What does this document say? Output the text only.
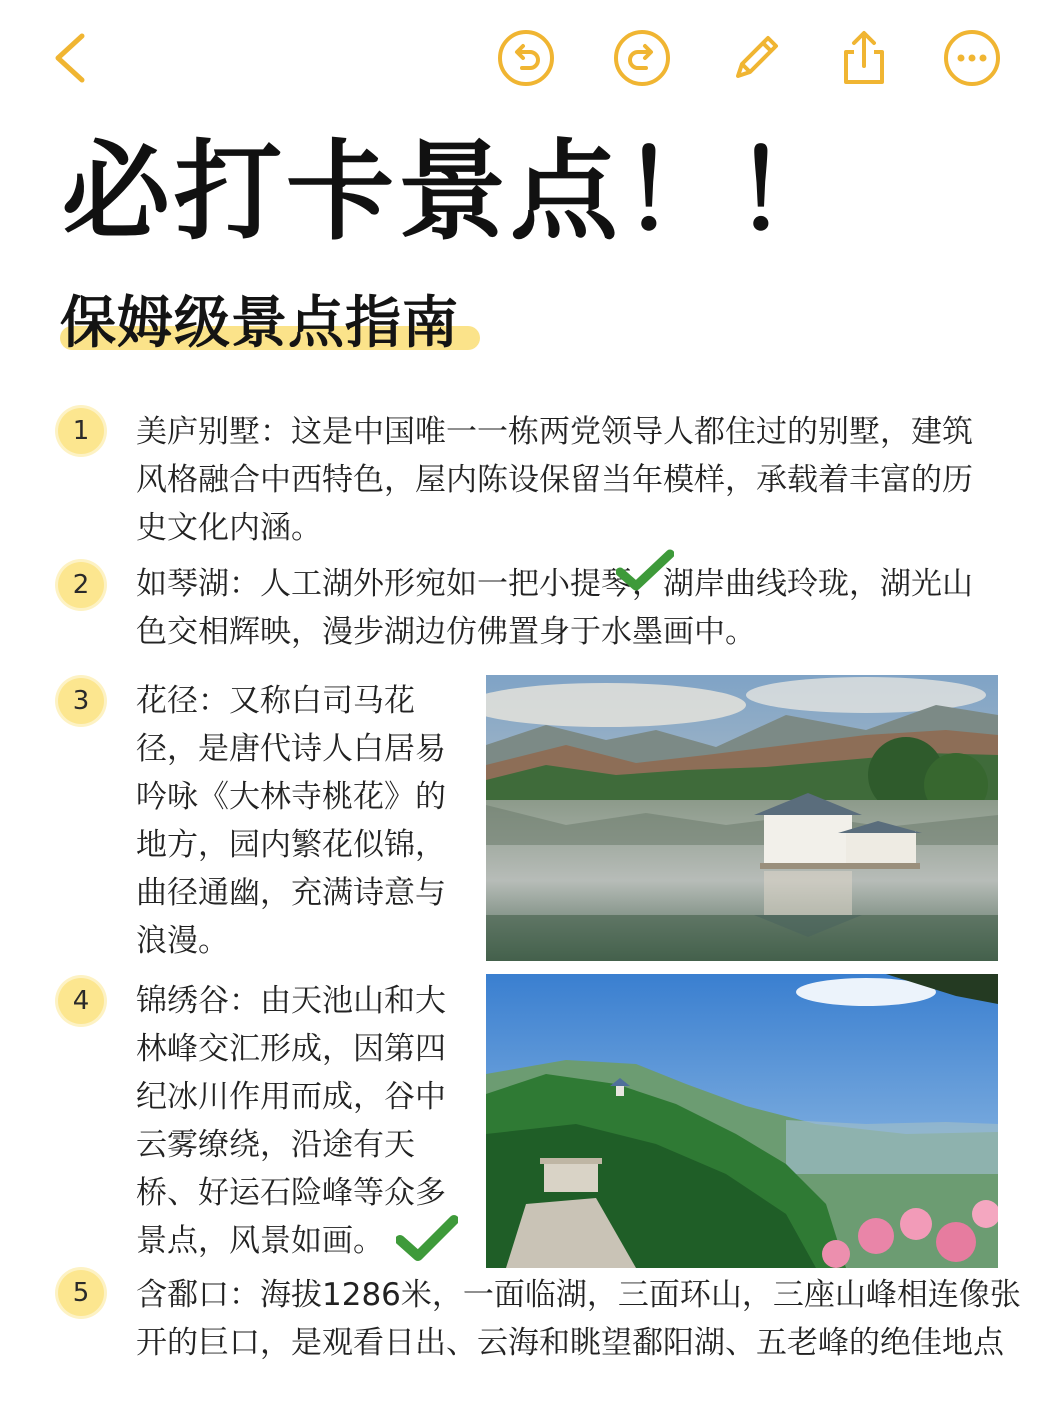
必打卡景点！！
保姆级景点指南
1	美庐别墅：这是中国唯一一栋两党领导人都住过的别墅，建筑
风格融合中西特色，屋内陈设保留当年模样，承载着丰富的历
史文化内涵。
2	如琴湖：人工湖外形宛如一把小提琴，湖岸曲线玲珑，湖光山
色交相辉映，漫步湖边仿佛置身于水墨画中。
3	花径：又称白司马花
径，是唐代诗人白居易
吟咏《大林寺桃花》的
地方，园内繁花似锦，
曲径通幽，充满诗意与
浪漫。
4	锦绣谷：由天池山和大
林峰交汇形成，因第四
纪冰川作用而成，谷中
云雾缭绕，沿途有天
桥、好运石险峰等众多
景点，风景如画。
5	含鄱口：海拔1286米，一面临湖，三面环山，三座山峰相连像张
开的巨口，是观看日出、云海和眺望鄱阳湖、五老峰的绝佳地点
